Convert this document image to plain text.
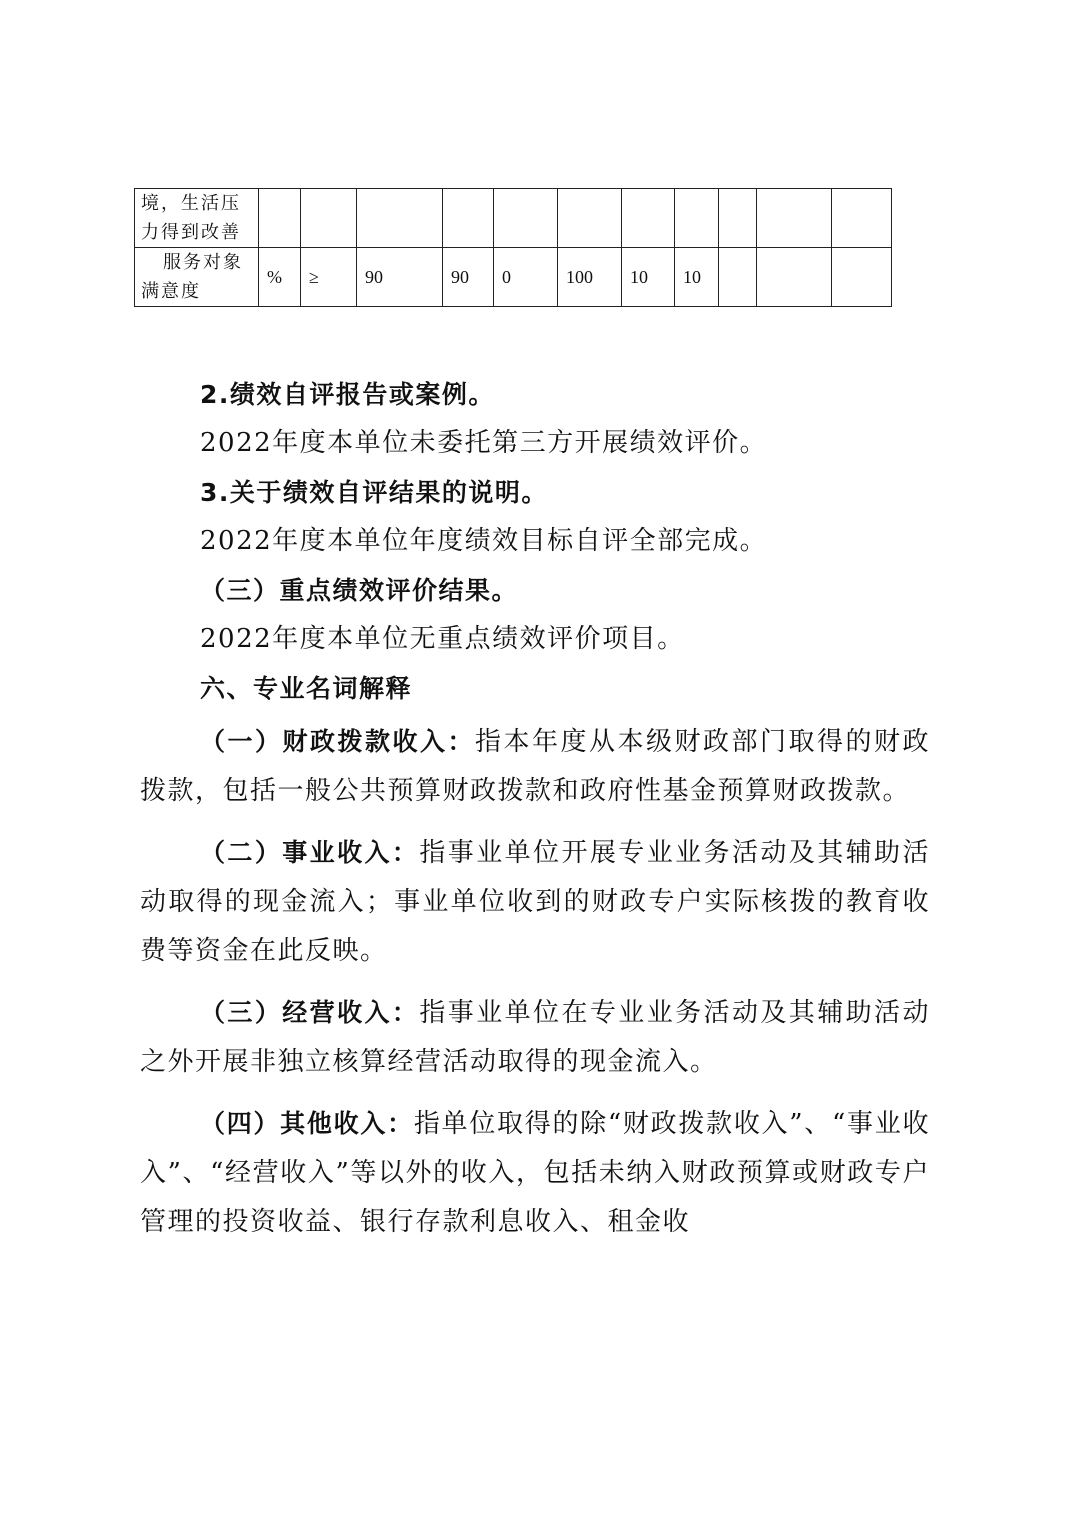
境，生活压
力得到改善											

服务对象
满意度	%	≥	90	90	0	100	10	10			

2.绩效自评报告或案例。

2022年度本单位未委托第三方开展绩效评价。

3.关于绩效自评结果的说明。

2022年度本单位年度绩效目标自评全部完成。

（三）重点绩效评价结果。

2022年度本单位无重点绩效评价项目。

六、专业名词解释

（一）财政拨款收入：指本年度从本级财政部门取得的财政拨款，包括一般公共预算财政拨款和政府性基金预算财政拨款。

（二）事业收入：指事业单位开展专业业务活动及其辅助活动取得的现金流入；事业单位收到的财政专户实际核拨的教育收费等资金在此反映。

（三）经营收入：指事业单位在专业业务活动及其辅助活动之外开展非独立核算经营活动取得的现金流入。

（四）其他收入：指单位取得的除“财政拨款收入”、“事业收入”、“经营收入”等以外的收入，包括未纳入财政预算或财政专户管理的投资收益、银行存款利息收入、租金收
